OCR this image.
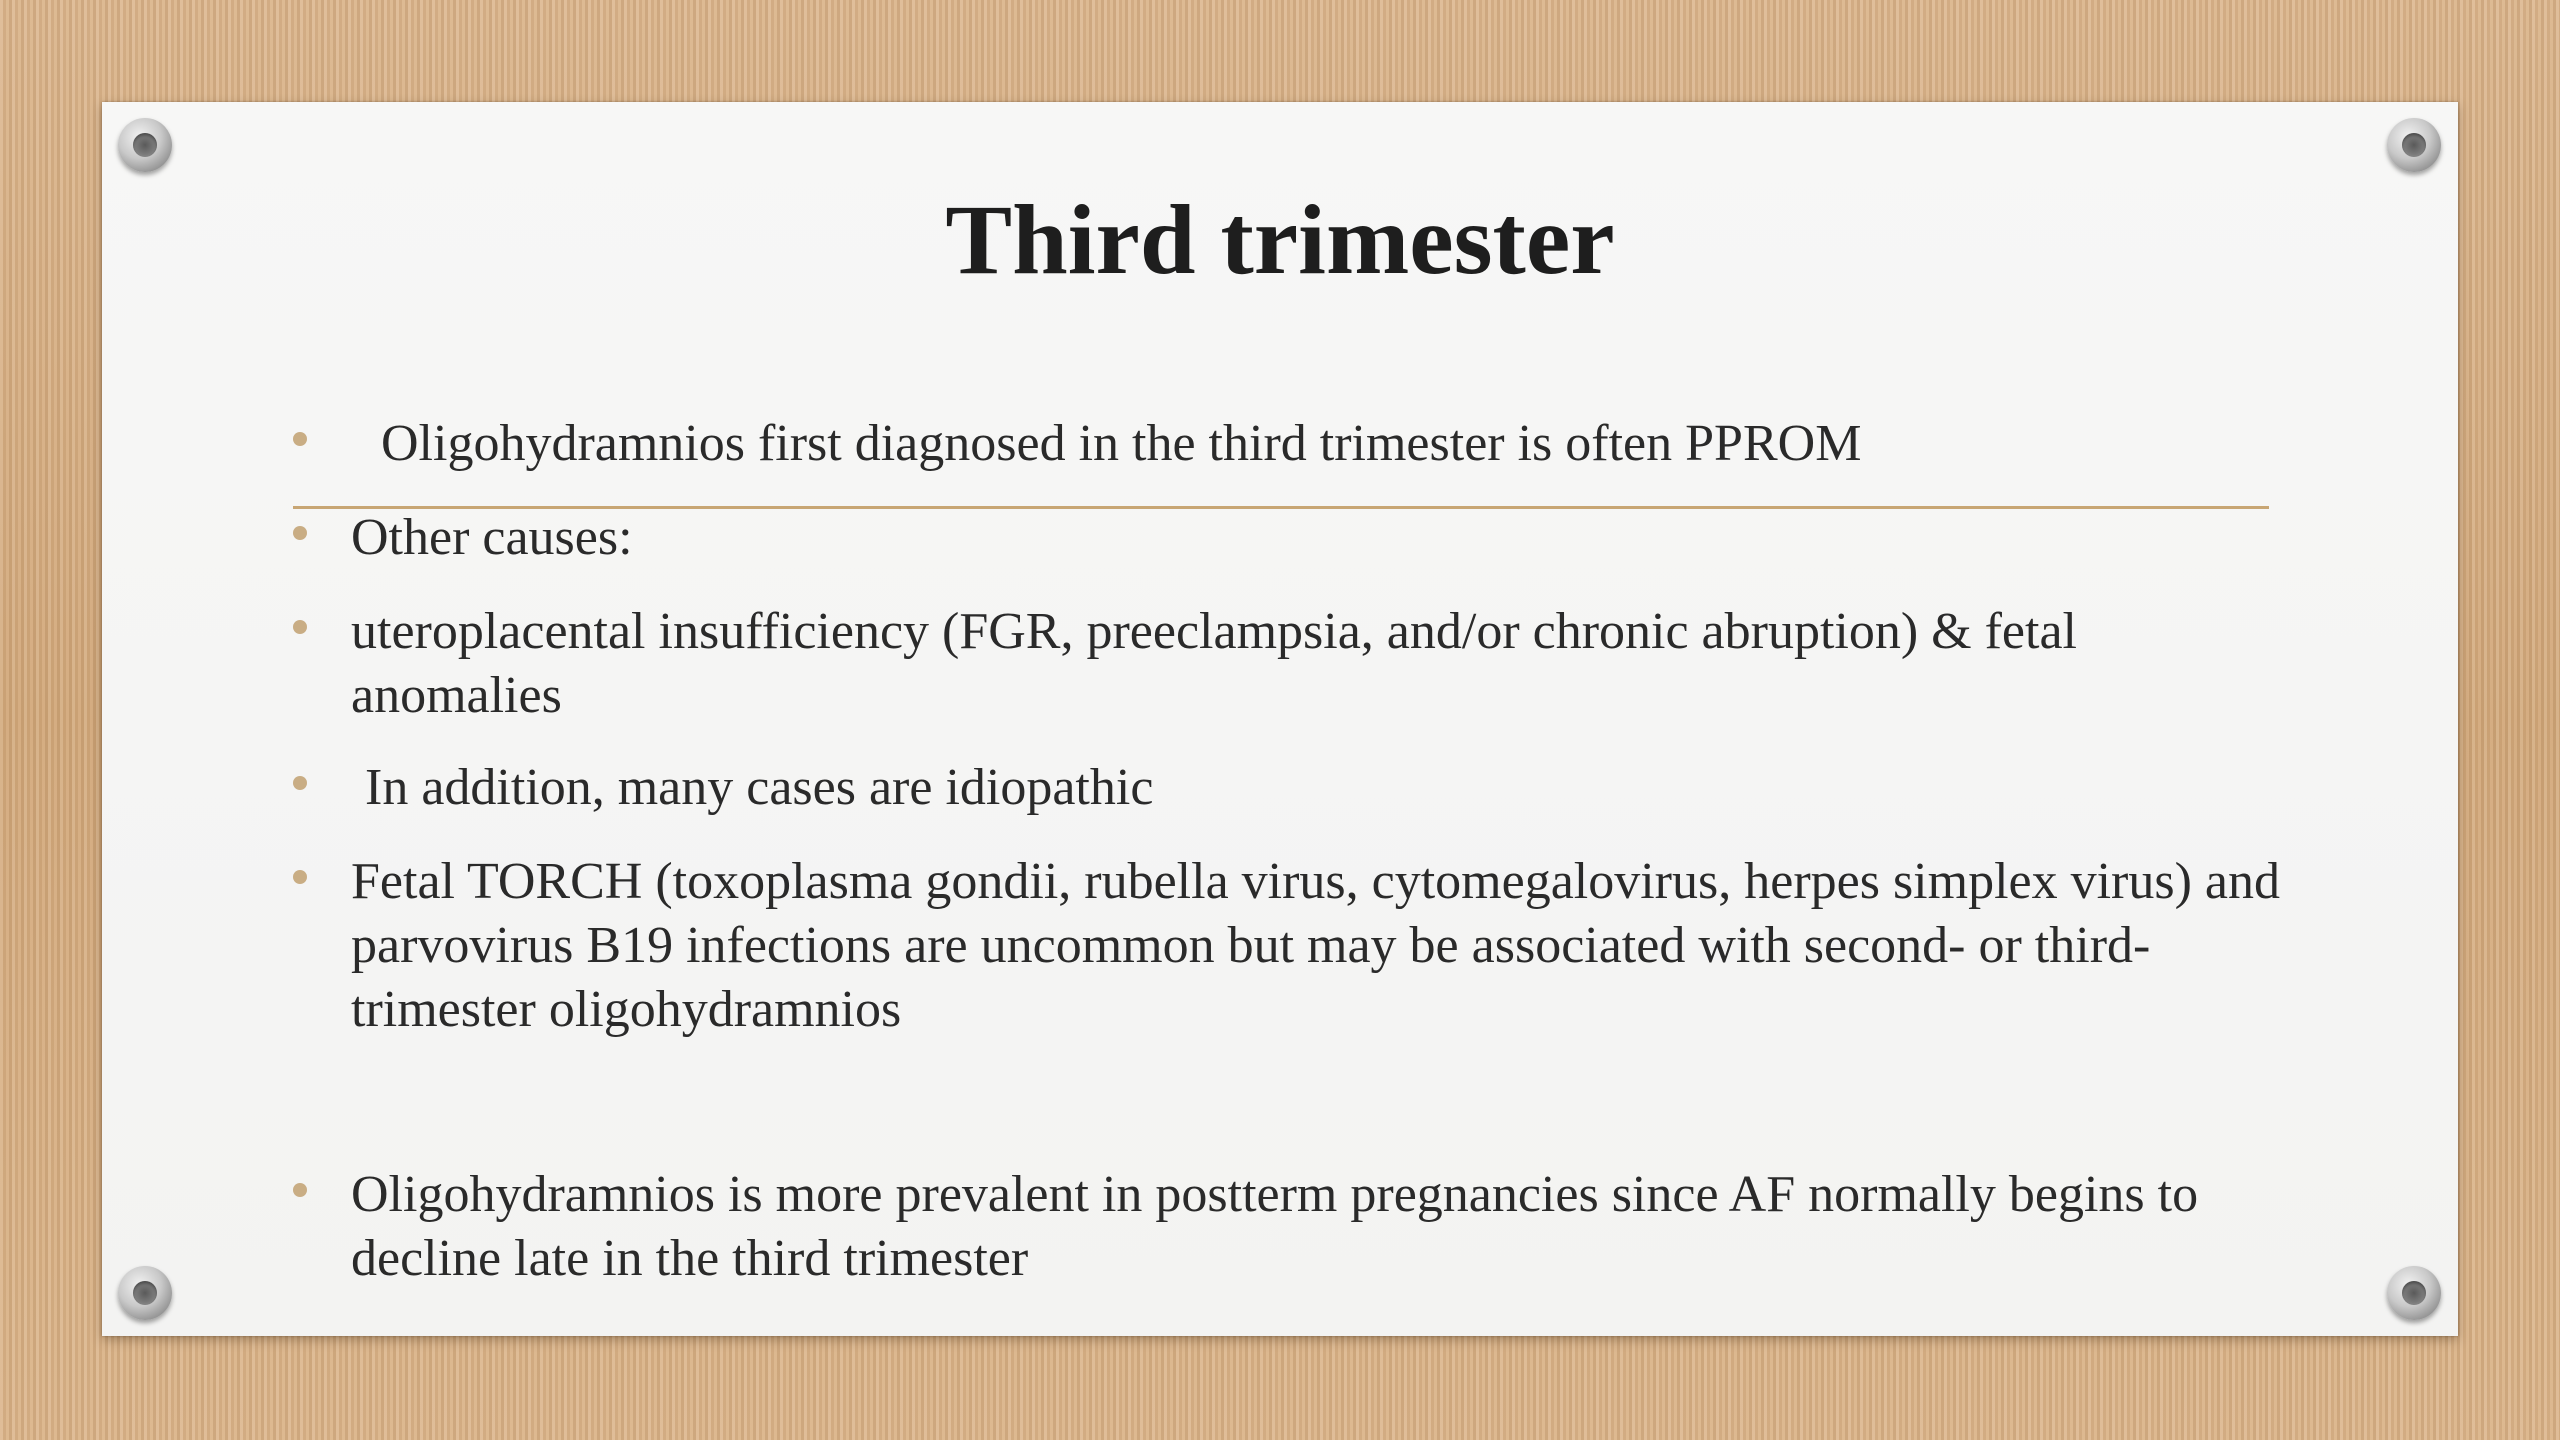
Third trimester
Oligohydramnios first diagnosed in the third trimester is often PPROM
Other causes:
uteroplacental insufficiency (FGR, preeclampsia, and/or chronic abruption) & fetal anomalies
In addition, many cases are idiopathic
Fetal TORCH (toxoplasma gondii, rubella virus, cytomegalovirus, herpes simplex virus) and parvovirus B19 infections are uncommon but may be associated with second- or third-trimester oligohydramnios
Oligohydramnios is more prevalent in postterm pregnancies since AF normally begins to decline late in the third trimester
